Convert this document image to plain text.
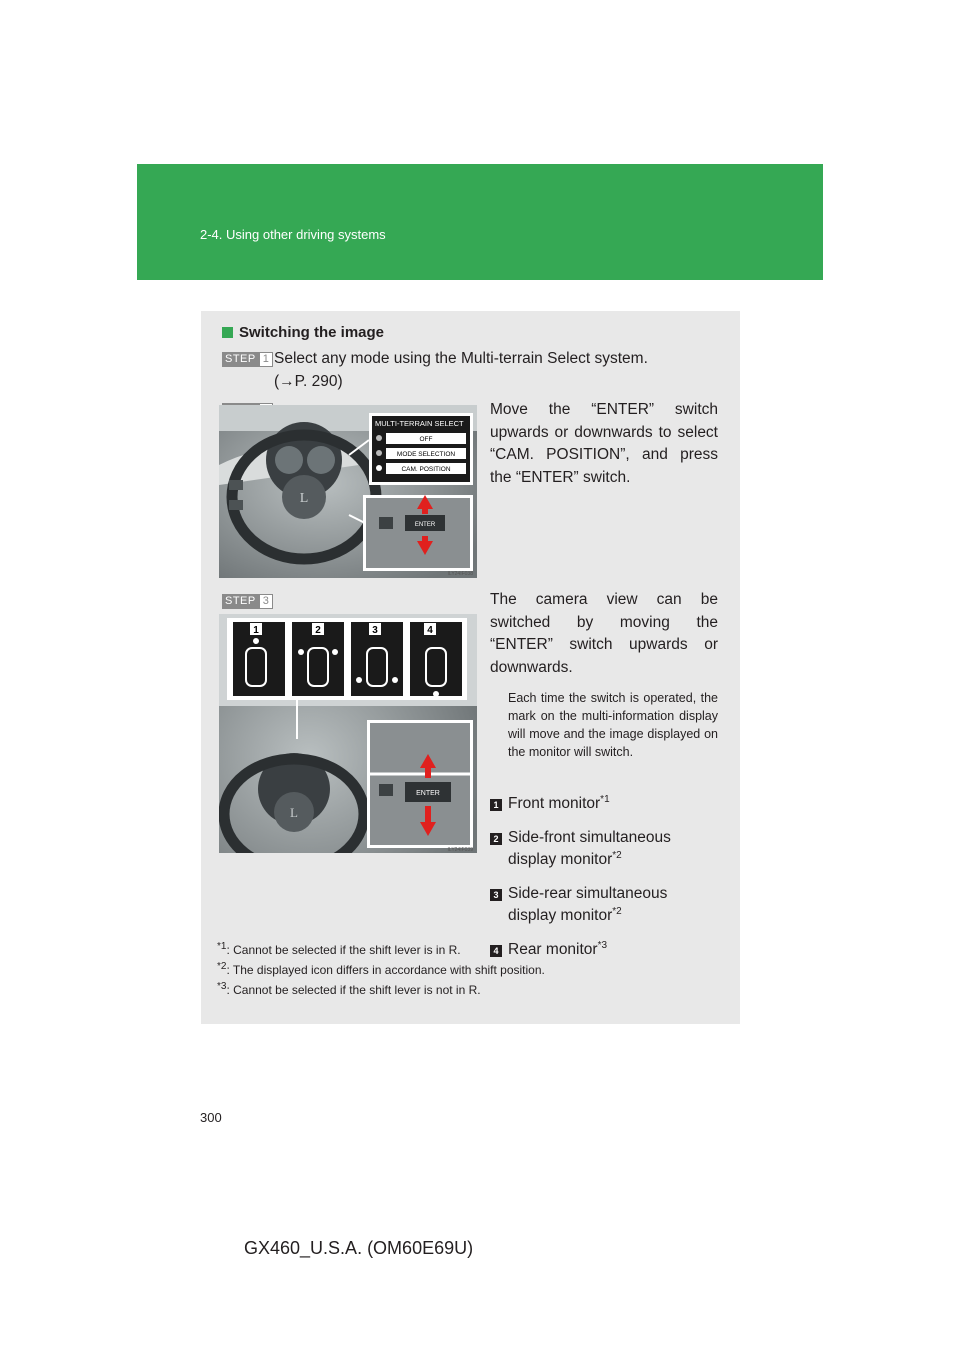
2-4. Using other driving systems
Switching the image
STEP 1 Select any mode using the Multi-terrain Select system.
(→P. 290)
L
MULTI-TERRAIN SELECT
OFF
MODE SELECTION
CAM. POSITION
ENTER
ILY24IF038
Move the “ENTER” switch upwards or downwards to select “CAM. POSITION”, and press the “ENTER” switch.
STEP 3
1	2	3	4
L
ENTER
ILY24IF039
The camera view can be switched by moving the “ENTER” switch upwards or downwards.
Each time the switch is operated, the mark on the multi-information display will move and the image displayed on the monitor will switch.
1 Front monitor$^{*1}$
2 Side-front simultaneous display monitor$^{*2}$
3 Side-rear simultaneous display monitor$^{*2}$
4 Rear monitor$^{*3}$
$^{*1}$: Cannot be selected if the shift lever is in R.
$^{*2}$: The displayed icon differs in accordance with shift position.
$^{*3}$: Cannot be selected if the shift lever is not in R.
300
GX460_U.S.A. (OM60E69U)
